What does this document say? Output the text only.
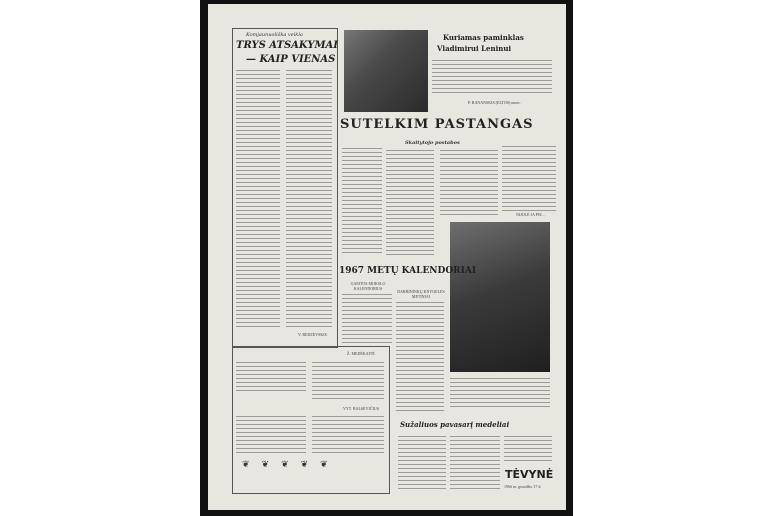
Komjaunuoliška veikla
TRYS ATSAKYMAI
— KAIP VIENAS
V. REDZEVSKIS
Kuriamas paminklas
Vladimirui Leninui
P. RANANSKIS (ELTOS) nuotr.
SUTELKIM PASTANGAS
Skaitytojo postabos
NIJOLĖ JA PIE...
1967 METŲ KALENDORIAI
GAMTOS MOKSLO KALENDORIUS
DARBININKŲ KNYGELĖS METINIAI
Ž. MEDĖKAITĖ
VYT. BALSEVIČIUS
❦❦❦❦❦
Sužaliuos pavasarį medeliai
TĖVYNĖ
1966 m. gruodžio 17 d.
